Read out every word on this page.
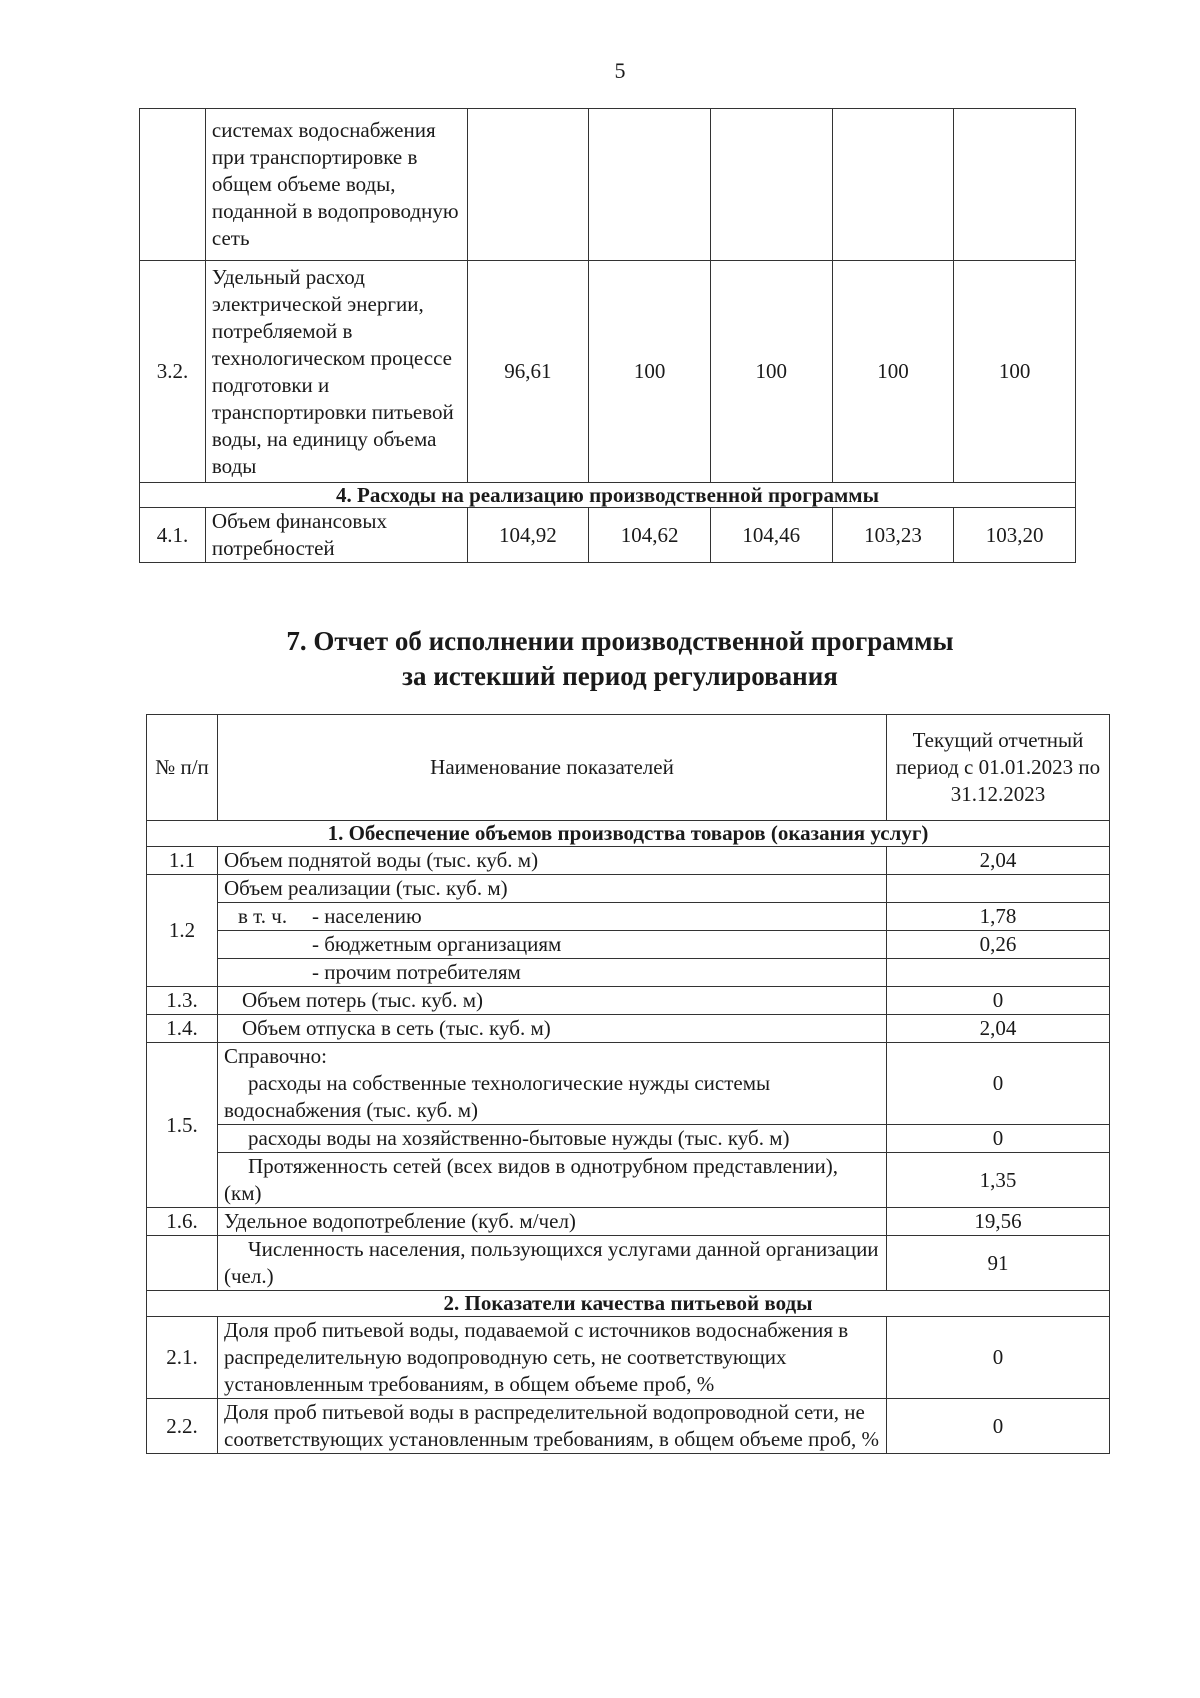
5
	системах водоснабжения при транспортировке в общем объеме воды, поданной в водопроводную сеть					
3.2.	Удельный расход электрической энергии, потребляемой в технологическом процессе подготовки и транспортировки питьевой воды, на единицу объема воды	96,61	100	100	100	100
4. Расходы на реализацию производственной программы						
4.1.	Объем финансовых потребностей	104,92	104,62	104,46	103,23	103,20
7. Отчет об исполнении производственной программы
за истекший период регулирования
№ п/п	Наименование показателей	Текущий отчетный период с 01.01.2023 по 31.12.2023
1. Обеспечение объемов производства товаров (оказания услуг)		
1.1	Объем поднятой воды (тыс. куб. м)	2,04
1.2	Объем реализации (тыс. куб. м)	
	в т. ч. - населению	1,78
	- бюджетным организациям	0,26
	- прочим потребителям	
1.3.	Объем потерь (тыс. куб. м)	0
1.4.	Объем отпуска в сеть (тыс. куб. м)	2,04
1.5.	Справочно:
расходы на собственные технологические нужды системы водоснабжения (тыс. куб. м)	0
	расходы воды на хозяйственно-бытовые нужды (тыс. куб. м)	0
	Протяженность сетей (всех видов в однотрубном представлении), (км)	1,35
1.6.	Удельное водопотребление (куб. м/чел)	19,56
	Численность населения, пользующихся услугами данной организации (чел.)	91
2. Показатели качества питьевой воды		
2.1.	Доля проб питьевой воды, подаваемой с источников водоснабжения в распределительную водопроводную сеть, не соответствующих установленным требованиям, в общем объеме проб, %	0
2.2.	Доля проб питьевой воды в распределительной водопроводной сети, не соответствующих установленным требованиям, в общем объеме проб, %	0
